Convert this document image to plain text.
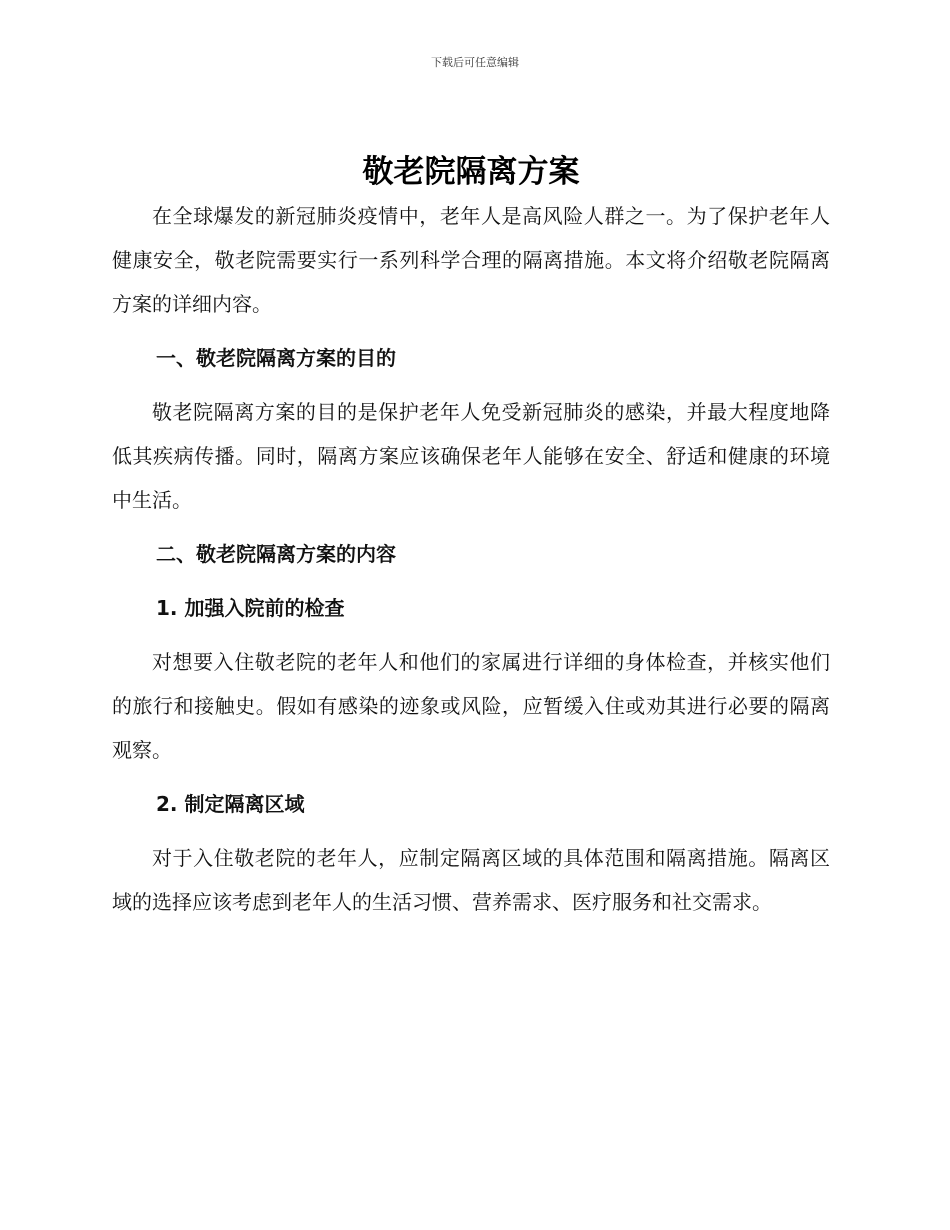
下载后可任意编辑
敬老院隔离方案

在全球爆发的新冠肺炎疫情中，老年人是高风险人群之一。为了保护老年人健康安全，敬老院需要实行一系列科学合理的隔离措施。本文将介绍敬老院隔离方案的详细内容。

一、敬老院隔离方案的目的

敬老院隔离方案的目的是保护老年人免受新冠肺炎的感染，并最大程度地降低其疾病传播。同时，隔离方案应该确保老年人能够在安全、舒适和健康的环境中生活。

二、敬老院隔离方案的内容

1. 加强入院前的检查

对想要入住敬老院的老年人和他们的家属进行详细的身体检查，并核实他们的旅行和接触史。假如有感染的迹象或风险，应暂缓入住或劝其进行必要的隔离观察。

2. 制定隔离区域

对于入住敬老院的老年人，应制定隔离区域的具体范围和隔离措施。隔离区域的选择应该考虑到老年人的生活习惯、营养需求、医疗服务和社交需求。
